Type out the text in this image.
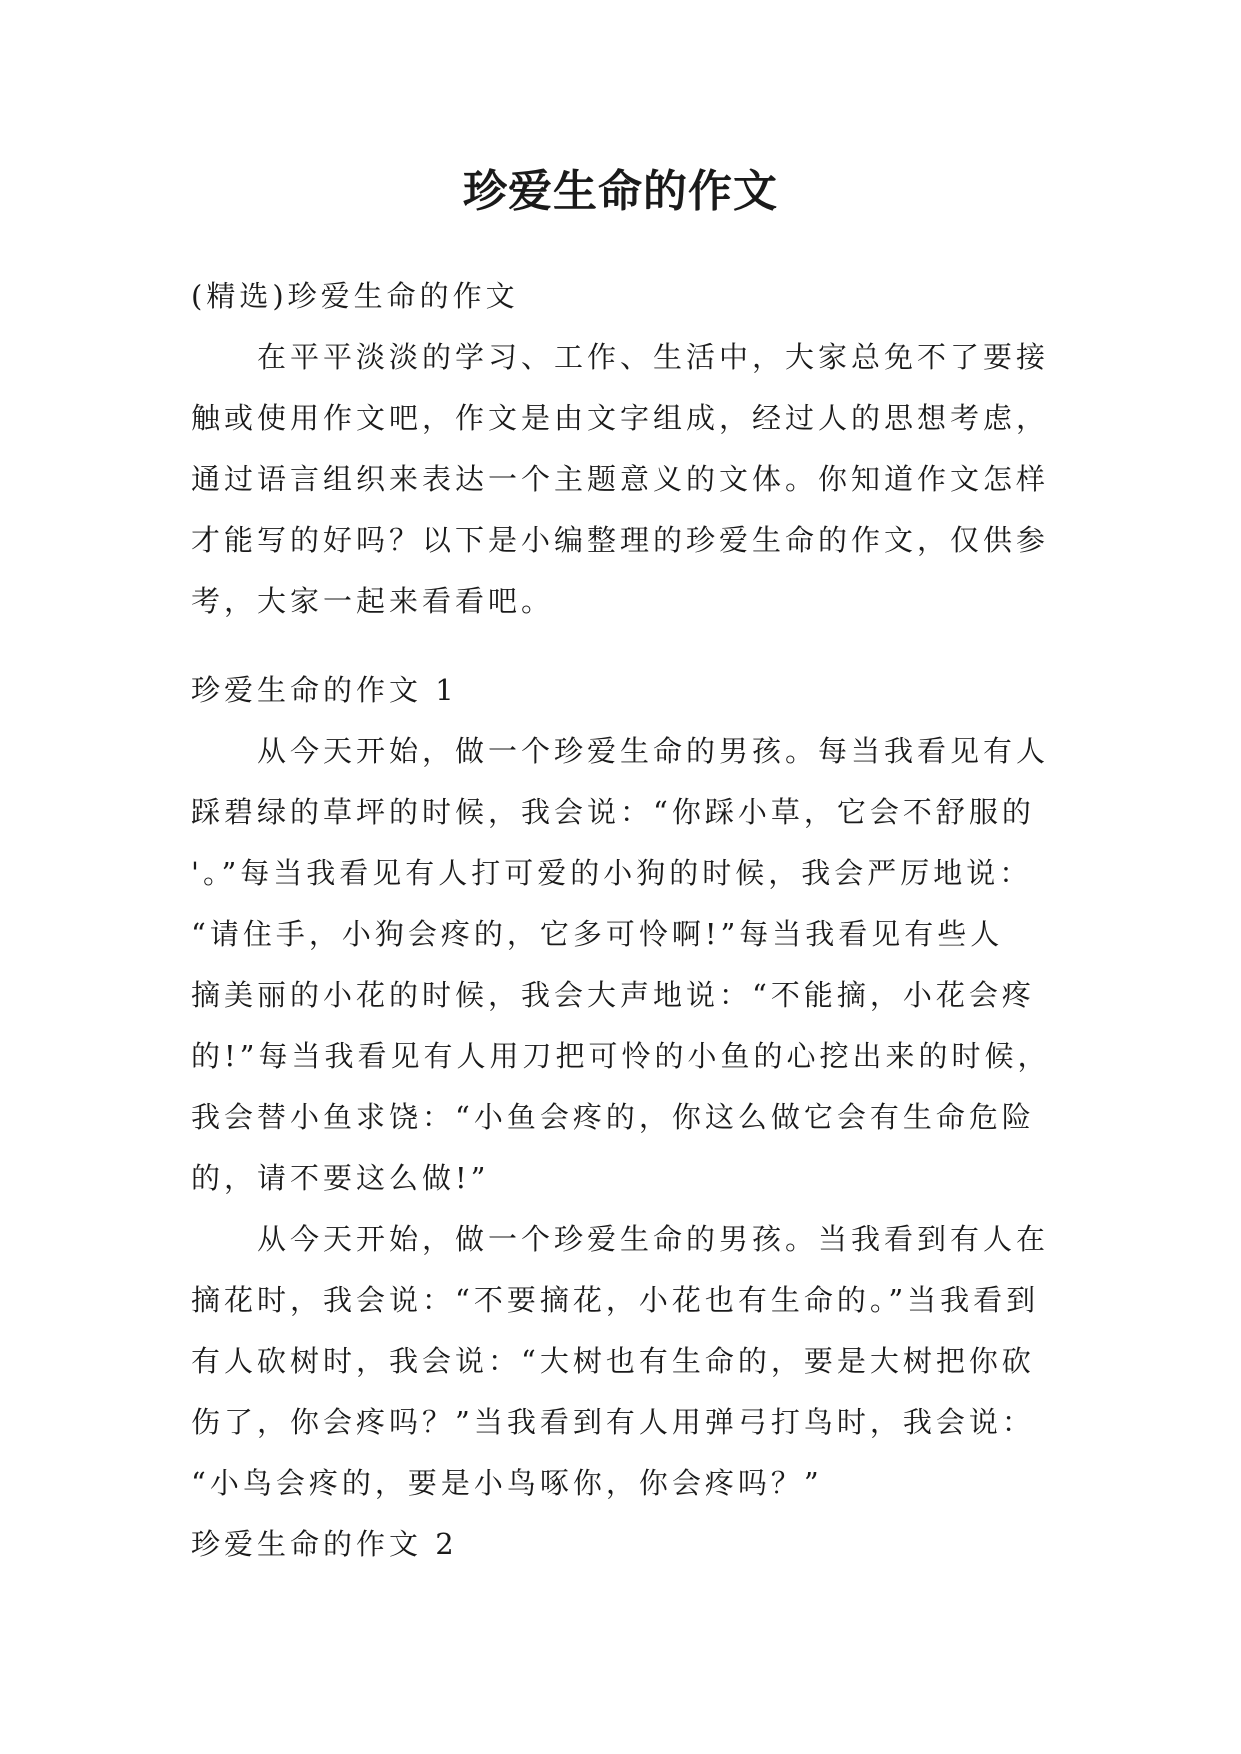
珍爱生命的作文
(精选)珍爱生命的作文
在平平淡淡的学习、工作、生活中，大家总免不了要接
触或使用作文吧，作文是由文字组成，经过人的思想考虑，
通过语言组织来表达一个主题意义的文体。你知道作文怎样
才能写的好吗？以下是小编整理的珍爱生命的作文，仅供参
考，大家一起来看看吧。
珍爱生命的作文 1
从今天开始，做一个珍爱生命的男孩。每当我看见有人
踩碧绿的草坪的时候，我会说：“你踩小草，它会不舒服的
'。”每当我看见有人打可爱的小狗的时候，我会严厉地说：
“请住手，小狗会疼的，它多可怜啊!”每当我看见有些人
摘美丽的小花的时候，我会大声地说：“不能摘，小花会疼
的!”每当我看见有人用刀把可怜的小鱼的心挖出来的时候，
我会替小鱼求饶：“小鱼会疼的，你这么做它会有生命危险
的，请不要这么做!”
从今天开始，做一个珍爱生命的男孩。当我看到有人在
摘花时，我会说：“不要摘花，小花也有生命的。”当我看到
有人砍树时，我会说：“大树也有生命的，要是大树把你砍
伤了，你会疼吗？”当我看到有人用弹弓打鸟时，我会说：
“小鸟会疼的，要是小鸟啄你，你会疼吗？”
珍爱生命的作文 2
